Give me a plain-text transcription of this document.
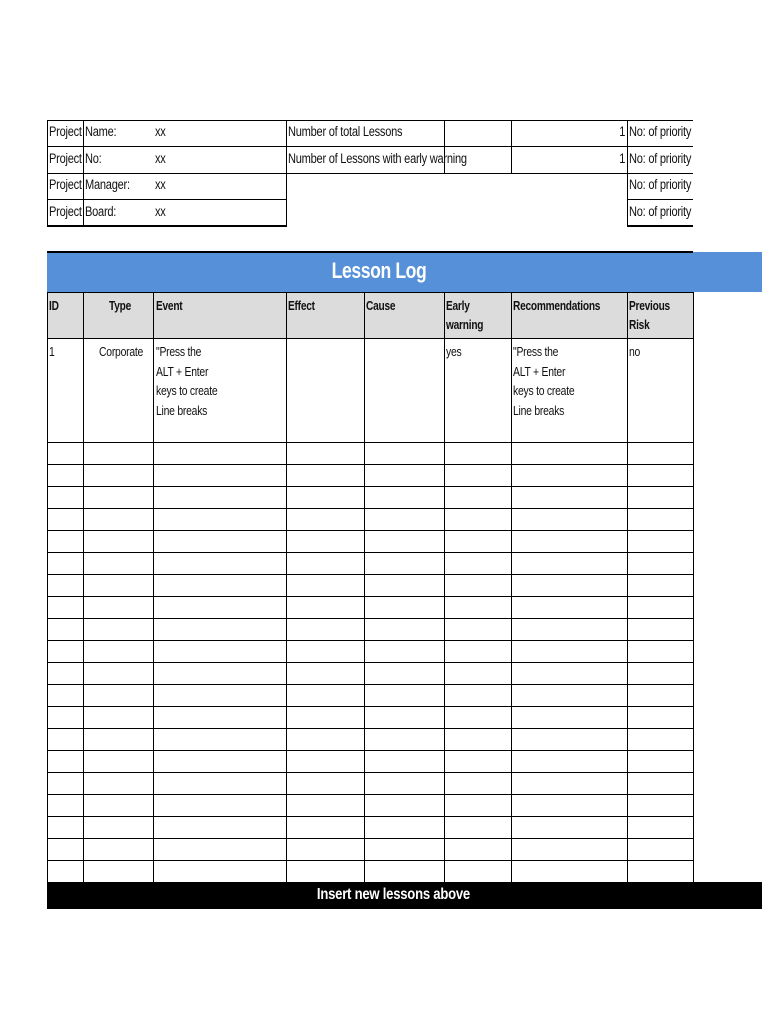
Project Name:	xx
Project No:	xx
Project Manager: xx
Project Board:	xx
Number of total Lessons	1 No: of priority
Number of Lessons with early warning	1 No: of priority
No: of priority
No: of priority
Lesson Log
ID	Type Event	Effect	Cause	Early
warning
Recommendations Previous
Risk
1	Corporate "Press the
ALT + Enter
keys to create
Line breaks
yes	"Press the
ALT + Enter
keys to create
Line breaks
no
Insert new lessons above
